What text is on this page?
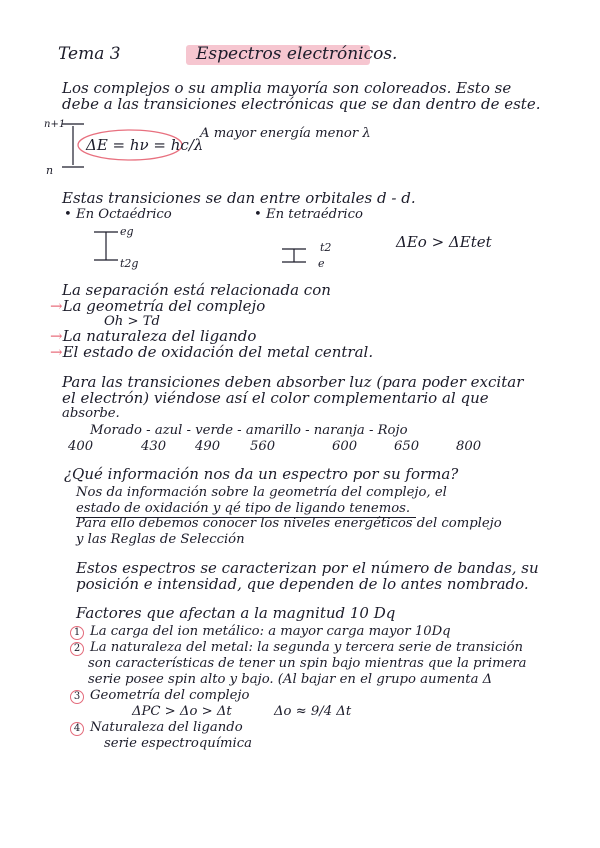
Tema 3	Espectros electrónicos.
Los complejos o su amplia mayoría son coloreados. Esto se
debe a las transiciones electrónicas que se dan dentro de este.
n+1
n
ΔE = hν = hc/λ
A mayor energía menor λ
Estas transiciones se dan entre orbitales d - d.
• En Octaédrico	• En tetraédrico
eg
t2g
t2
e
ΔEo > ΔEtet
La separación está relacionada con
→La geometría del complejo
Oh > Td
→La naturaleza del ligando
→El estado de oxidación del metal central.
Para las transiciones deben absorber luz (para poder excitar
el electrón) viéndose así el color complementario al que
absorbe.
Morado - azul - verde - amarillo - naranja - Rojo
400	430 490 560	600	650	800
¿Qué información nos da un espectro por su forma?
Nos da información sobre la geometría del complejo, el
estado de oxidación y qé tipo de ligando tenemos.
Para ello debemos conocer los niveles energéticos del complejo
y las Reglas de Selección
Estos espectros se caracterizan por el número de bandas, su
posición e intensidad, que dependen de lo antes nombrado.
Factores que afectan a la magnitud 10 Dq
1 La carga del ion metálico: a mayor carga mayor 10Dq
2 La naturaleza del metal: la segunda y tercera serie de transición
son características de tener un spin bajo mientras que la primera
serie posee spin alto y bajo. (Al bajar en el grupo aumenta Δ
3 Geometría del complejo
ΔPC > Δo > Δt	Δo ≈ 9/4 Δt
4 Naturaleza del ligando
serie espectroquímica
